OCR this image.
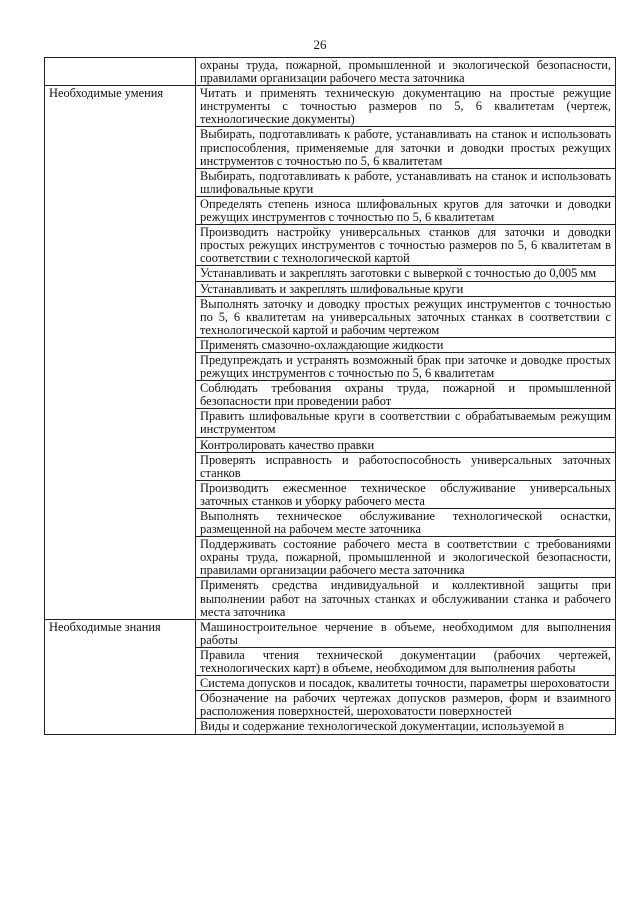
26
	охраны труда, пожарной, промышленной и экологической безопасности, правилами организации рабочего места заточника
Необходимые умения	Читать и применять техническую документацию на простые режущие инструменты с точностью размеров по 5, 6 квалитетам (чертеж, технологические документы)
	Выбирать, подготавливать к работе, устанавливать на станок и использовать приспособления, применяемые для заточки и доводки простых режущих инструментов с точностью по 5, 6 квалитетам
	Выбирать, подготавливать к работе, устанавливать на станок и использовать шлифовальные круги
	Определять степень износа шлифовальных кругов для заточки и доводки режущих инструментов с точностью по 5, 6 квалитетам
	Производить настройку универсальных станков для заточки и доводки простых режущих инструментов с точностью размеров по 5, 6 квалитетам в соответствии с технологической картой
	Устанавливать и закреплять заготовки с выверкой с точностью до 0,005 мм
	Устанавливать и закреплять шлифовальные круги
	Выполнять заточку и доводку простых режущих инструментов с точностью по 5, 6 квалитетам на универсальных заточных станках в соответствии с технологической картой и рабочим чертежом
	Применять смазочно-охлаждающие жидкости
	Предупреждать и устранять возможный брак при заточке и доводке простых режущих инструментов с точностью по 5, 6 квалитетам
	Соблюдать требования охраны труда, пожарной и промышленной безопасности при проведении работ
	Править шлифовальные круги в соответствии с обрабатываемым режущим инструментом
	Контролировать качество правки
	Проверять исправность и работоспособность универсальных заточных станков
	Производить ежесменное техническое обслуживание универсальных заточных станков и уборку рабочего места
	Выполнять техническое обслуживание технологической оснастки, размещенной на рабочем месте заточника
	Поддерживать состояние рабочего места в соответствии с требованиями охраны труда, пожарной, промышленной и экологической безопасности, правилами организации рабочего места заточника
	Применять средства индивидуальной и коллективной защиты при выполнении работ на заточных станках и обслуживании станка и рабочего места заточника
Необходимые знания	Машиностроительное черчение в объеме, необходимом для выполнения работы
	Правила чтения технической документации (рабочих чертежей, технологических карт) в объеме, необходимом для выполнения работы
	Система допусков и посадок, квалитеты точности, параметры шероховатости
	Обозначение на рабочих чертежах допусков размеров, форм и взаимного расположения поверхностей, шероховатости поверхностей
	Виды и содержание технологической документации, используемой в
